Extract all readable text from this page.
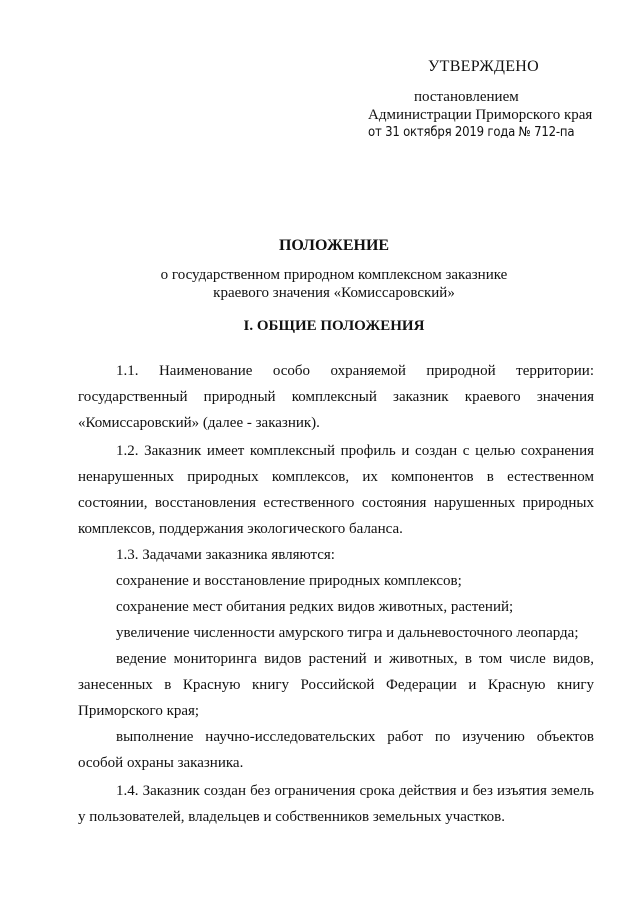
УТВЕРЖДЕНО
постановлением
Администрации Приморского края
от 31 октября 2019 года № 712-па
ПОЛОЖЕНИЕ
о государственном природном комплексном заказнике
краевого значения «Комиссаровский»
I. ОБЩИЕ ПОЛОЖЕНИЯ

1.1. Наименование особо охраняемой природной территории: государственный природный комплексный заказник краевого значения «Комиссаровский» (далее - заказник).

1.2. Заказник имеет комплексный профиль и создан с целью сохранения ненарушенных природных комплексов, их компонентов в естественном состоянии, восстановления естественного состояния нарушенных природных комплексов, поддержания экологического баланса.

1.3. Задачами заказника являются:

сохранение и восстановление природных комплексов;

сохранение мест обитания редких видов животных, растений;

увеличение численности амурского тигра и дальневосточного леопарда;

ведение мониторинга видов растений и животных, в том числе видов, занесенных в Красную книгу Российской Федерации и Красную книгу Приморского края;

выполнение научно-исследовательских работ по изучению объектов особой охраны заказника.

1.4. Заказник создан без ограничения срока действия и без изъятия земель у пользователей, владельцев и собственников земельных участков.
